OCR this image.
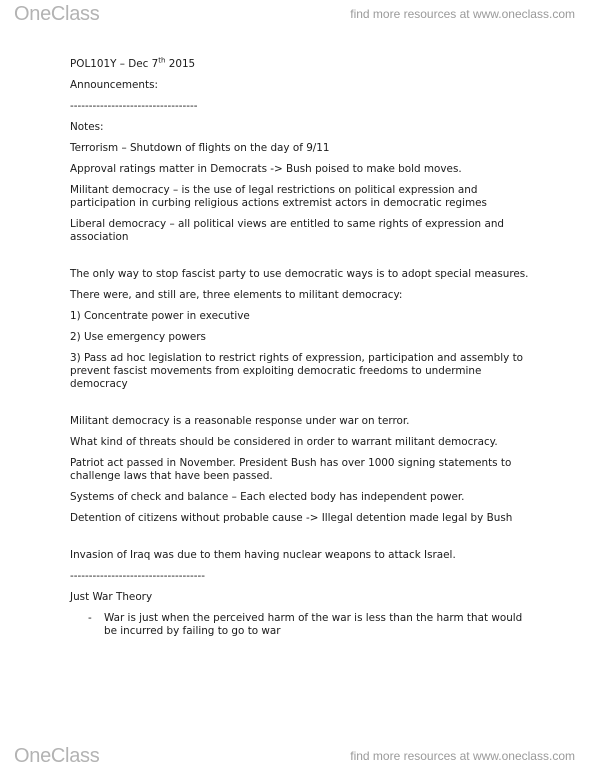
OneClass	find more resources at www.oneclass.com

POL101Y – Dec 7th 2015

Announcements:

----------------------------------

Notes:

Terrorism – Shutdown of flights on the day of 9/11

Approval ratings matter in Democrats -> Bush poised to make bold moves.

Militant democracy – is the use of legal restrictions on political expression and participation in curbing religious actions extremist actors in democratic regimes

Liberal democracy – all political views are entitled to same rights of expression and association

The only way to stop fascist party to use democratic ways is to adopt special measures.

There were, and still are, three elements to militant democracy:

1) Concentrate power in executive

2) Use emergency powers

3) Pass ad hoc legislation to restrict rights of expression, participation and assembly to prevent fascist movements from exploiting democratic freedoms to undermine democracy

Militant democracy is a reasonable response under war on terror.

What kind of threats should be considered in order to warrant militant democracy.

Patriot act passed in November. President Bush has over 1000 signing statements to challenge laws that have been passed.

Systems of check and balance – Each elected body has independent power.

Detention of citizens without probable cause -> Illegal detention made legal by Bush

Invasion of Iraq was due to them having nuclear weapons to attack Israel.

------------------------------------

Just War Theory

-	War is just when the perceived harm of the war is less than the harm that would be incurred by failing to go to war
OneClass	find more resources at www.oneclass.com
